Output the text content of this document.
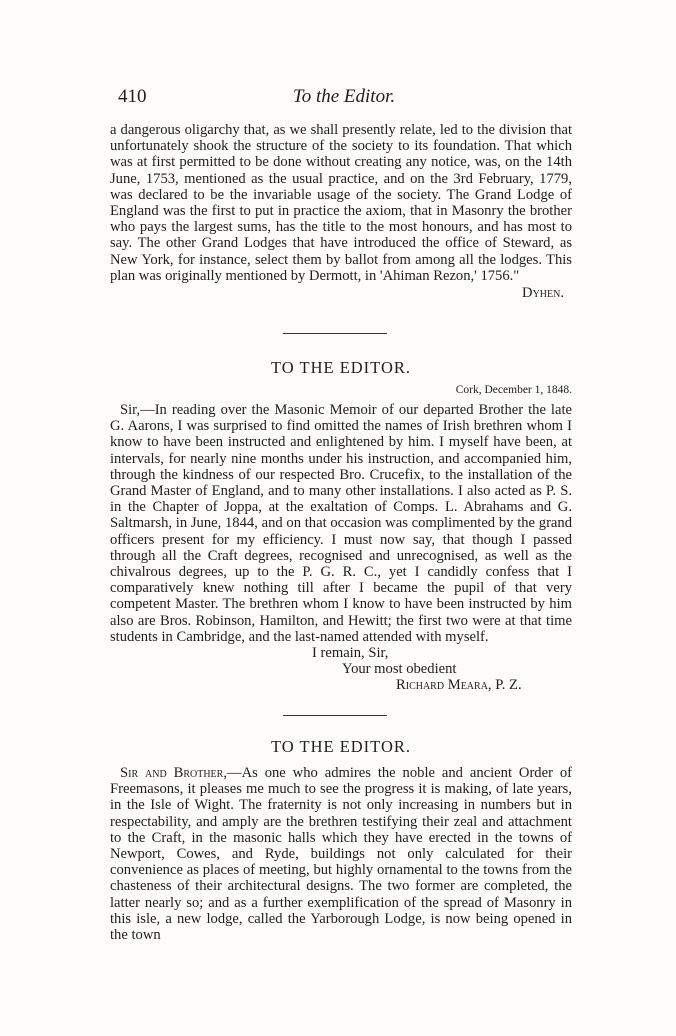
410	To the Editor.

a dangerous oligarchy that, as we shall presently relate, led to the division that unfortunately shook the structure of the society to its foundation. That which was at first permitted to be done without creating any notice, was, on the 14th June, 1753, mentioned as the usual practice, and on the 3rd February, 1779, was declared to be the invariable usage of the society. The Grand Lodge of England was the first to put in practice the axiom, that in Masonry the brother who pays the largest sums, has the title to the most honours, and has most to say. The other Grand Lodges that have introduced the office of Steward, as New York, for instance, select them by ballot from among all the lodges. This plan was originally mentioned by Dermott, in 'Ahiman Rezon,' 1756."

Dyhen.
TO THE EDITOR.
Cork, December 1, 1848.

Sir,—In reading over the Masonic Memoir of our departed Brother the late G. Aarons, I was surprised to find omitted the names of Irish brethren whom I know to have been instructed and enlightened by him. I myself have been, at intervals, for nearly nine months under his instruction, and accompanied him, through the kindness of our respected Bro. Crucefix, to the installation of the Grand Master of England, and to many other installations. I also acted as P. S. in the Chapter of Joppa, at the exaltation of Comps. L. Abrahams and G. Saltmarsh, in June, 1844, and on that occasion was complimented by the grand officers present for my efficiency. I must now say, that though I passed through all the Craft degrees, recognised and unrecognised, as well as the chivalrous degrees, up to the P. G. R. C., yet I candidly confess that I comparatively knew nothing till after I became the pupil of that very competent Master. The brethren whom I know to have been instructed by him also are Bros. Robinson, Hamilton, and Hewitt; the first two were at that time students in Cambridge, and the last-named attended with myself.

I remain, Sir,
Your most obedient
Richard Meara, P. Z.
TO THE EDITOR.

Sir and Brother,—As one who admires the noble and ancient Order of Freemasons, it pleases me much to see the progress it is making, of late years, in the Isle of Wight. The fraternity is not only increasing in numbers but in respectability, and amply are the brethren testifying their zeal and attachment to the Craft, in the masonic halls which they have erected in the towns of Newport, Cowes, and Ryde, buildings not only calculated for their convenience as places of meeting, but highly ornamental to the towns from the chasteness of their architectural designs. The two former are completed, the latter nearly so; and as a further exemplification of the spread of Masonry in this isle, a new lodge, called the Yarborough Lodge, is now being opened in the town
